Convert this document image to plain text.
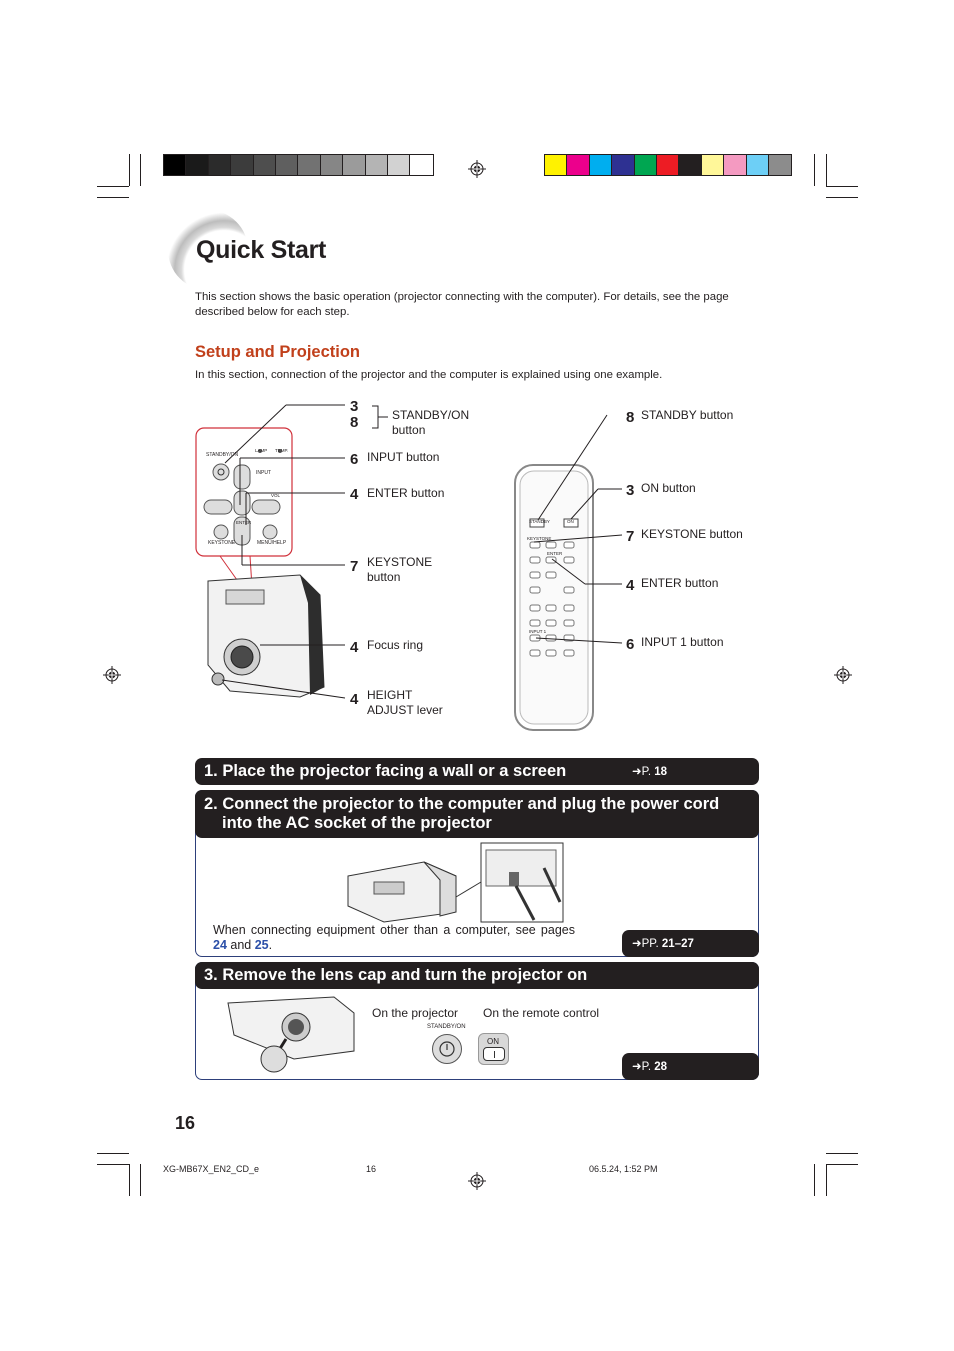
Quick Start

This section shows the basic operation (projector connecting with the computer). For details, see the page described below for each step.

Setup and Projection

In this section, connection of the projector and the computer is explained using one example.

STANDBY/ON
LAMP TEMP.
INPUT
VOL
ENTER
KEYSTONE	MENU/HELP
STANDBY	ON
KEYSTONE
ENTER
INPUT 1
3
8	STANDBY/ON
button
6 INPUT button
4 ENTER button
7 KEYSTONE
button
4 Focus ring
4 HEIGHT
ADJUST lever
8 STANDBY button
3 ON button
7 KEYSTONE button
4 ENTER button
6 INPUT 1 button
1. Place the projector facing a wall or a screen	➜P. 18
2. Connect the projector to the computer and plug the power cord
into the AC socket of the projector
When connecting equipment other than a computer, see pages 24 and 25.	➜PP. 21–27
3. Remove the lens cap and turn the projector on
On the projector On the remote control
STANDBY/ON
ON
➜P. 28
16
XG-MB67X_EN2_CD_e	16	06.5.24, 1:52 PM
